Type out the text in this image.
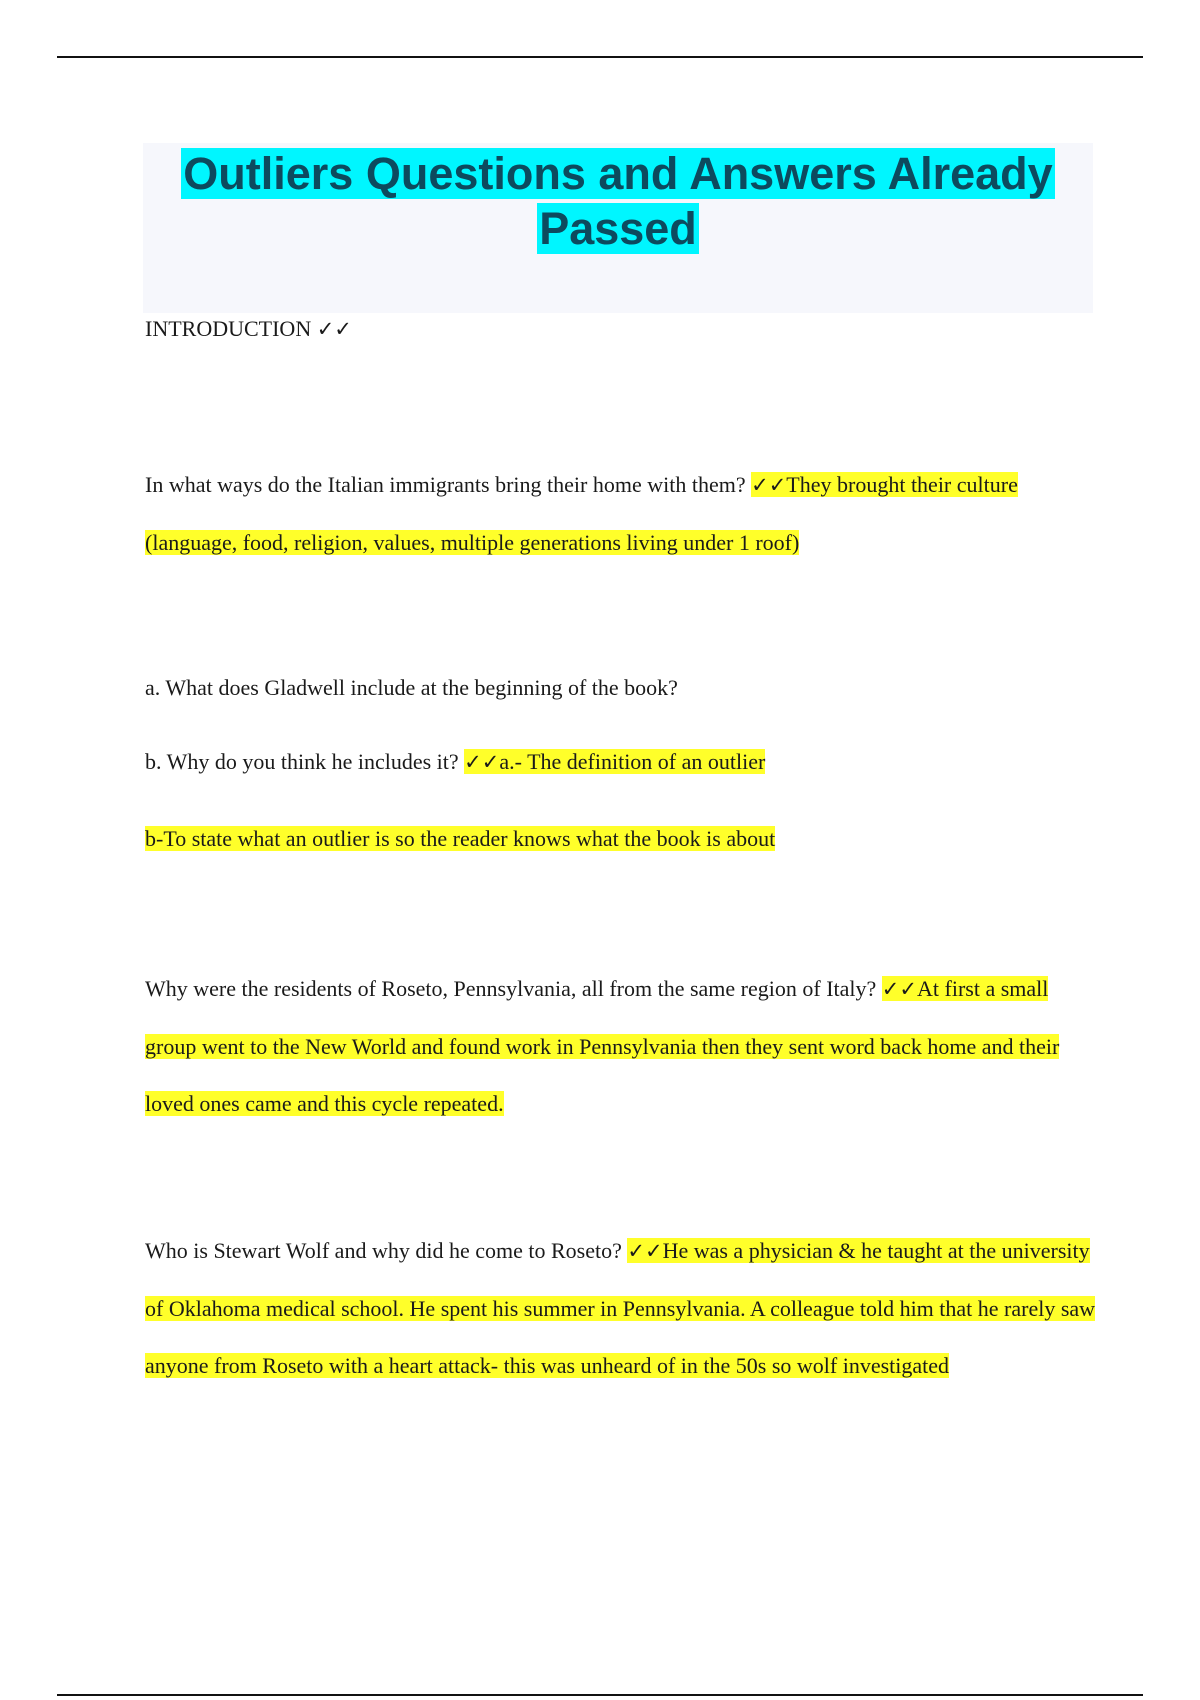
Outliers Questions and Answers Already
Passed

INTRODUCTION ✓✓

In what ways do the Italian immigrants bring their home with them? ✓✓They brought their culture (language, food, religion, values, multiple generations living under 1 roof)

a. What does Gladwell include at the beginning of the book?

b. Why do you think he includes it? ✓✓a.- The definition of an outlier

b-To state what an outlier is so the reader knows what the book is about

Why were the residents of Roseto, Pennsylvania, all from the same region of Italy? ✓✓At first a small group went to the New World and found work in Pennsylvania then they sent word back home and their loved ones came and this cycle repeated.

Who is Stewart Wolf and why did he come to Roseto? ✓✓He was a physician & he taught at the university of Oklahoma medical school. He spent his summer in Pennsylvania. A colleague told him that he rarely saw anyone from Roseto with a heart attack- this was unheard of in the 50s so wolf investigated
